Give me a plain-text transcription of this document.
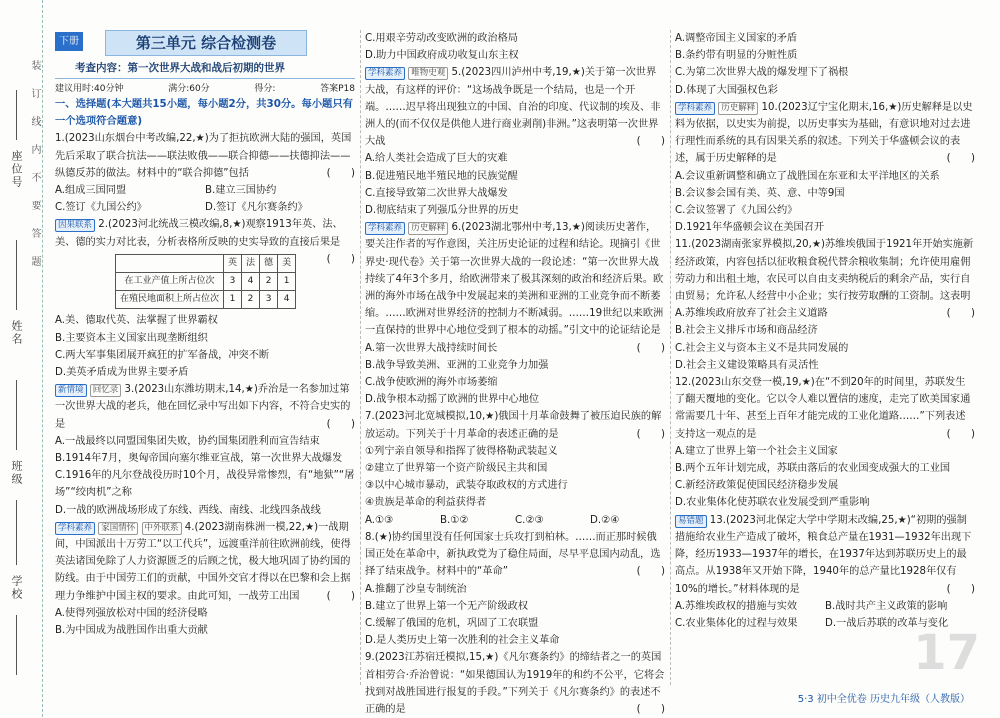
座位号
姓名
班级
学校
装订线内不要答题
下册	第三单元 综合检测卷
考查内容：第一次世界大战和战后初期的世界
建议用时:40分钟	满分:60分	得分:	答案P18
一、选择题(本大题共15小题，每小题2分，共30分。每小题只有一个选项符合题意)
1.(2023山东烟台中考改编,22,★)为了拒抗欧洲大陆的强国，英国先后采取了联合抗法——联法败俄——联合抑德——扶德抑法——纵德反苏的做法。材料中的“联合抑德”包括	(　　)
A.组成三国同盟	B.建立三国协约
C.签订《九国公约》	D.签订《凡尔赛条约》
因果联系 2.(2023河北统战三模改编,8,★)观察1913年英、法、美、德的实力对比表，分析表格所反映的史实导致的直接后果是
(　　)
	英	法	德	美
在工业产值上所占位次	3	4	2	1
在殖民地面积上所占位次	1	2	3	4
A.美、德取代英、法掌握了世界霸权
B.主要资本主义国家出现垄断组织
C.两大军事集团展开疯狂的扩军备战，冲突不断
D.美英矛盾成为世界主要矛盾
新情境 回忆录 3.(2023山东潍坊期末,14,★)乔治是一名参加过第一次世界大战的老兵，他在回忆录中写出如下内容，不符合史实的是	(　　)
A.一战最终以同盟国集团失败，协约国集团胜利而宣告结束
B.1914年7月，奥匈帝国向塞尔维亚宣战，第一次世界大战爆发
C.1916年的凡尔登战役历时10个月，战役异常惨烈，有“地狱”“屠场”“绞肉机”之称
D.一战的欧洲战场形成了东线、西线、南线、北线四条战线
学科素养 家国情怀 中外联系 4.(2023湖南株洲一模,22,★)一战期间，中国派出十万劳工“以工代兵”，远渡重洋前往欧洲前线，使得英法诸国免除了人力资源匮乏的后顾之忧，极大地巩固了协约国的防线。由于中国劳工们的贡献，中国外交官才得以在巴黎和会上据理力争维护中国主权的要求。由此可知，一战劳工出国	(　　)
A.使得列强放松对中国的经济侵略
B.为中国成为战胜国作出重大贡献
C.用艰辛劳动改变欧洲的政治格局
D.助力中国政府成功收复山东主权
学科素养 唯物史观 5.(2023四川泸州中考,19,★)关于第一次世界大战，有这样的评价：“这场战争既是一个结局，也是一个开端。……迟早将出现独立的中国、自治的印度、代议制的埃及、非洲人的(而不仅仅是供他人进行商业剥削)非洲。”这表明第一次世界大战	(　　)
A.给人类社会造成了巨大的灾难
B.促进殖民地半殖民地的民族觉醒
C.直接导致第二次世界大战爆发
D.彻底结束了列强瓜分世界的历史
学科素养 历史解释 6.(2023湖北鄂州中考,13,★)阅读历史著作，要关注作者的写作意图，关注历史论证的过程和结论。现摘引《世界史·现代卷》关于第一次世界大战的一段论述：“第一次世界大战持续了4年3个多月，给欧洲带来了极其深刻的政治和经济后果。欧洲的海外市场在战争中发展起来的美洲和亚洲的工业竞争而不断萎缩。……欧洲对世界经济的控制力不断减弱。……19世纪以来欧洲一直保持的世界中心地位受到了根本的动摇。”引文中的论证结论是
(　　)
A.第一次世界大战持续时间长
B.战争导致美洲、亚洲的工业竞争力加强
C.战争使欧洲的海外市场萎缩
D.战争根本动摇了欧洲的世界中心地位
7.(2023河北宽城模拟,10,★)俄国十月革命鼓舞了被压迫民族的解放运动。下列关于十月革命的表述正确的是	(　　)
①列宁亲自领导和指挥了彼得格勒武装起义
②建立了世界第一个资产阶级民主共和国
③以中心城市暴动，武装夺取政权的方式进行
④贵族是革命的利益获得者
A.①③	B.①②	C.②③	D.②④
8.(★)协约国里没有任何国家士兵攻打到柏林。……而正那时候俄国正处在革命中，新执政党为了稳住局面，尽早平息国内动乱，选择了结束战争。材料中的“革命”	(　　)
A.推翻了沙皇专制统治
B.建立了世界上第一个无产阶级政权
C.缓解了俄国的危机，巩固了工农联盟
D.是人类历史上第一次胜利的社会主义革命
9.(2023江苏宿迁模拟,15,★)《凡尔赛条约》的缔结者之一的英国首相劳合·乔治曾说：“如果德国认为1919年的和约不公平，它将会找到对战胜国进行报复的手段。”下列关于《凡尔赛条约》的表述不正确的是	(　　)
A.调整帝国主义国家的矛盾
B.条约带有明显的分赃性质
C.为第二次世界大战的爆发埋下了祸根
D.体现了大国强权色彩
学科素养 历史解释 10.(2023辽宁宝化期末,16,★)历史解释是以史料为依据，以史实为前提，以历史事实为基础，有意识地对过去进行理性而系统的具有因果关系的叙述。下列关于华盛顿会议的表述，属于历史解释的是	(　　)
A.会议重新调整和确立了战胜国在东亚和太平洋地区的关系
B.会议参会国有美、英、意、中等9国
C.会议签署了《九国公约》
D.1921年华盛顿会议在美国召开
11.(2023湖南张家界模拟,20,★)苏维埃俄国于1921年开始实施新经济政策，内容包括以征收粮食税代替余粮收集制；允许使用雇佣劳动力和出租土地，农民可以自由支卖纳税后的剩余产品，实行自由贸易；允许私人经营中小企业；实行按劳取酬的工资制。这表明
(　　)
A.苏维埃政府放弃了社会主义道路
B.社会主义排斥市场和商品经济
C.社会主义与资本主义不是共同发展的
D.社会主义建设策略具有灵活性
12.(2023山东交登一模,19,★)在“不到20年的时间里，苏联发生了翻天覆地的变化。它以令人难以置信的速度，走完了欧美国家通常需要几十年、甚至上百年才能完成的工业化道路……”下列表述支持这一观点的是	(　　)
A.建立了世界上第一个社会主义国家
B.两个五年计划完成，苏联由落后的农业国变成强大的工业国
C.新经济政策促使国民经济稳步发展
D.农业集体化使苏联农业发展受到严重影响
易错题 13.(2023河北保定大学中学期末改编,25,★)“初期的强制措施给农业生产造成了破坏，粮食总产量在1931—1932年出现下降，经历1933—1937年的增长，在1937年达到苏联历史上的最高点。从1938年又开始下降，1940年的总产量比1928年仅有10%的增长。”材料体现的是	(　　)
A.苏维埃政权的措施与实效	B.战时共产主义政策的影响
C.农业集体化的过程与效果	D.一战后苏联的改革与变化
17
5·3 初中全优卷 历史九年级（人教版）
